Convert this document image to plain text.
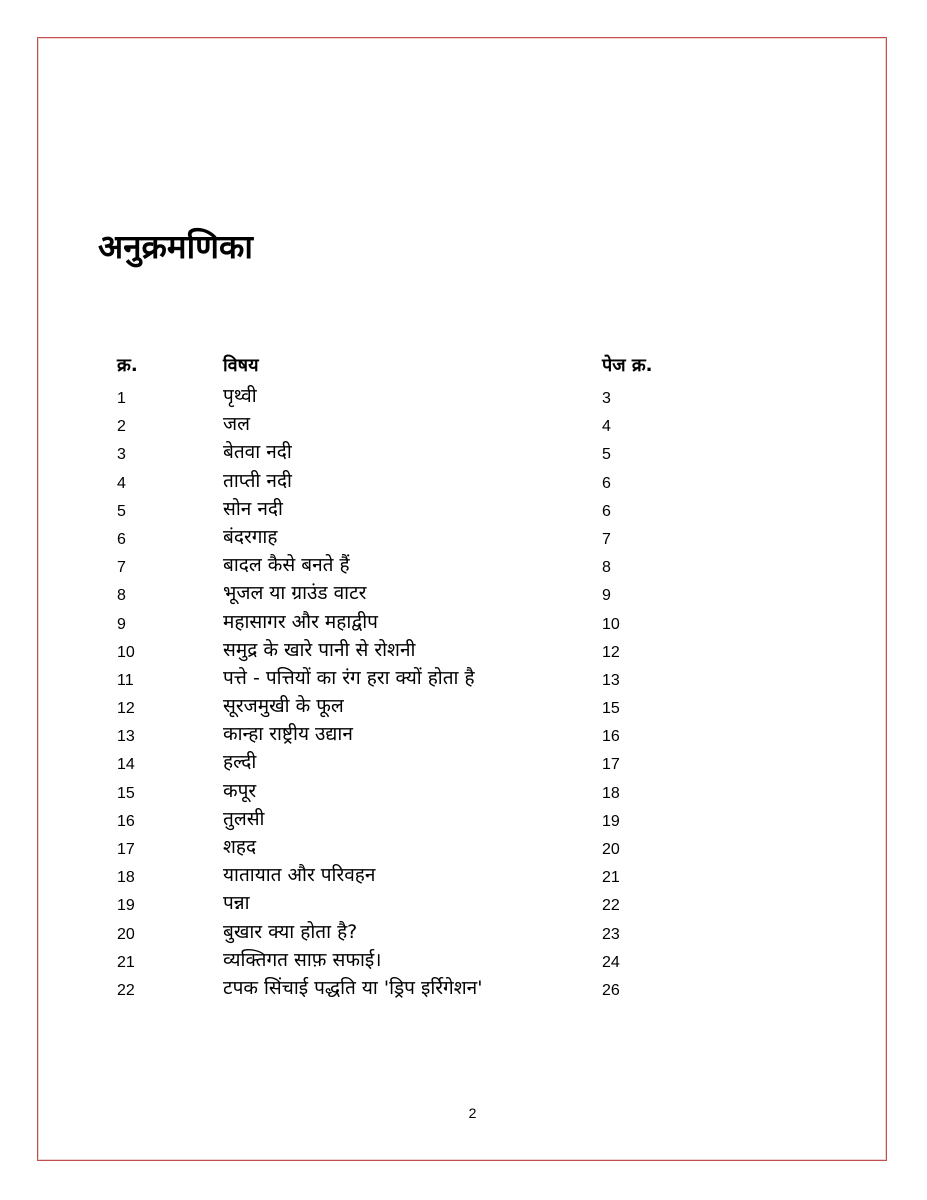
अनुक्रमणिका
क्र.	विषय	पेज क्र.
1	पृथ्वी	3
2	जल	4
3	बेतवा नदी	5
4	ताप्ती नदी	6
5	सोन नदी	6
6	बंदरगाह	7
7	बादल कैसे बनते हैं	8
8	भूजल या ग्राउंड वाटर	9
9	महासागर और महाद्वीप	10
10	समुद्र के खारे पानी से रोशनी	12
11	पत्ते - पत्तियों का रंग हरा क्यों होता है	13
12	सूरजमुखी के फूल	15
13	कान्हा राष्ट्रीय उद्यान	16
14	हल्दी	17
15	कपूर	18
16	तुलसी	19
17	शहद	20
18	यातायात और परिवहन	21
19	पन्ना	22
20	बुखार क्या होता है?	23
21	व्यक्तिगत साफ़ सफाई।	24
22	टपक सिंचाई पद्धति या 'ड्रिप इर्रिगेशन'	26
2
